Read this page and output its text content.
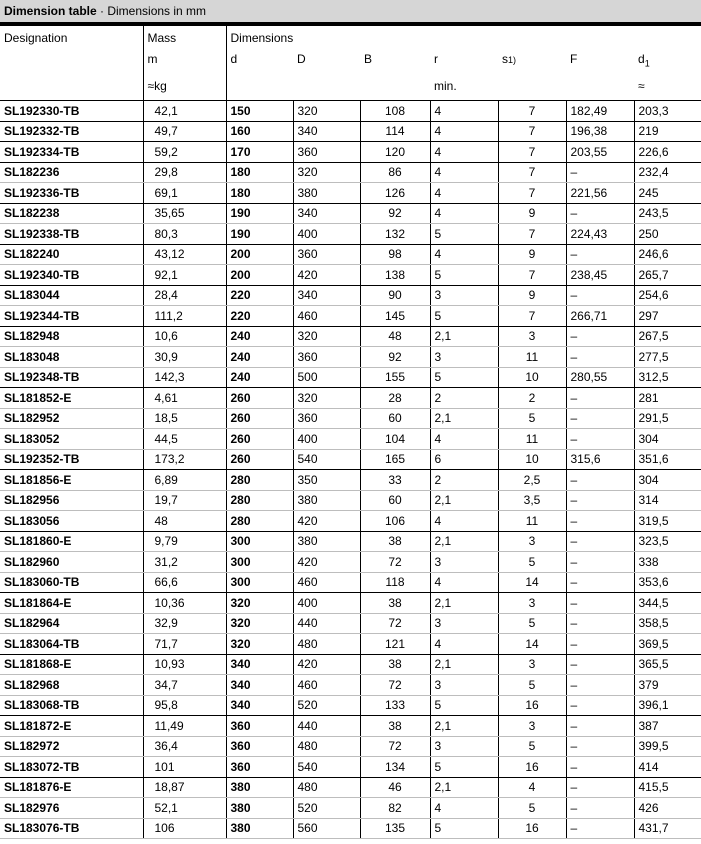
Dimension table · Dimensions in mm
Designation	Mass	Dimensions						
	m	d	D	B	r	s1)	F	$d_1$
	≈kg				min.			≈
SL192330-TB	42,1	150	320	108	4	7	182,49	203,3
SL192332-TB	49,7	160	340	114	4	7	196,38	219
SL192334-TB	59,2	170	360	120	4	7	203,55	226,6
SL182236	29,8	180	320	86	4	7	–	232,4
SL192336-TB	69,1	180	380	126	4	7	221,56	245
SL182238	35,65	190	340	92	4	9	–	243,5
SL192338-TB	80,3	190	400	132	5	7	224,43	250
SL182240	43,12	200	360	98	4	9	–	246,6
SL192340-TB	92,1	200	420	138	5	7	238,45	265,7
SL183044	28,4	220	340	90	3	9	–	254,6
SL192344-TB	111,2	220	460	145	5	7	266,71	297
SL182948	10,6	240	320	48	2,1	3	–	267,5
SL183048	30,9	240	360	92	3	11	–	277,5
SL192348-TB	142,3	240	500	155	5	10	280,55	312,5
SL181852-E	4,61	260	320	28	2	2	–	281
SL182952	18,5	260	360	60	2,1	5	–	291,5
SL183052	44,5	260	400	104	4	11	–	304
SL192352-TB	173,2	260	540	165	6	10	315,6	351,6
SL181856-E	6,89	280	350	33	2	2,5	–	304
SL182956	19,7	280	380	60	2,1	3,5	–	314
SL183056	48	280	420	106	4	11	–	319,5
SL181860-E	9,79	300	380	38	2,1	3	–	323,5
SL182960	31,2	300	420	72	3	5	–	338
SL183060-TB	66,6	300	460	118	4	14	–	353,6
SL181864-E	10,36	320	400	38	2,1	3	–	344,5
SL182964	32,9	320	440	72	3	5	–	358,5
SL183064-TB	71,7	320	480	121	4	14	–	369,5
SL181868-E	10,93	340	420	38	2,1	3	–	365,5
SL182968	34,7	340	460	72	3	5	–	379
SL183068-TB	95,8	340	520	133	5	16	–	396,1
SL181872-E	11,49	360	440	38	2,1	3	–	387
SL182972	36,4	360	480	72	3	5	–	399,5
SL183072-TB	101	360	540	134	5	16	–	414
SL181876-E	18,87	380	480	46	2,1	4	–	415,5
SL182976	52,1	380	520	82	4	5	–	426
SL183076-TB	106	380	560	135	5	16	–	431,7
